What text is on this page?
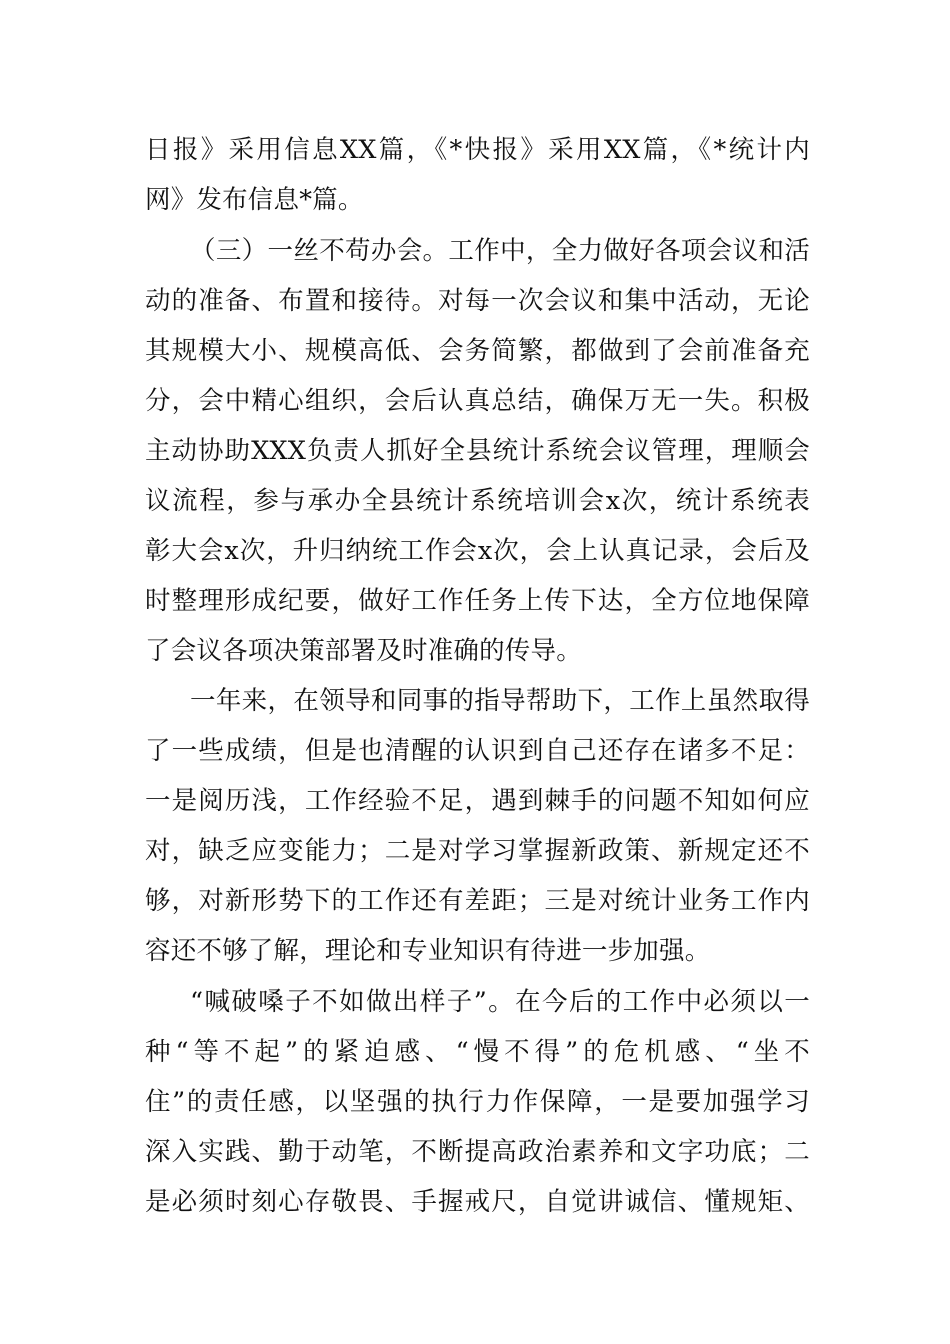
日报》采用信息XX篇，《*快报》采用XX篇，《*统计内
网》发布信息*篇。
（三）一丝不苟办会。工作中，全力做好各项会议和活
动的准备、布置和接待。对每一次会议和集中活动，无论
其规模大小、规模高低、会务简繁，都做到了会前准备充
分，会中精心组织，会后认真总结，确保万无一失。积极
主动协助XXX负责人抓好全县统计系统会议管理，理顺会
议流程，参与承办全县统计系统培训会x次，统计系统表
彰大会x次，升归纳统工作会x次，会上认真记录，会后及
时整理形成纪要，做好工作任务上传下达，全方位地保障
了会议各项决策部署及时准确的传导。
一年来，在领导和同事的指导帮助下，工作上虽然取得
了一些成绩，但是也清醒的认识到自己还存在诸多不足：
一是阅历浅，工作经验不足，遇到棘手的问题不知如何应
对，缺乏应变能力；二是对学习掌握新政策、新规定还不
够，对新形势下的工作还有差距；三是对统计业务工作内
容还不够了解，理论和专业知识有待进一步加强。
“喊破嗓子不如做出样子”。在今后的工作中必须以一
种“等不起”的紧迫感、“慢不得”的危机感、“坐不
住”的责任感，以坚强的执行力作保障，一是要加强学习
深入实践、勤于动笔，不断提高政治素养和文字功底；二
是必须时刻心存敬畏、手握戒尺，自觉讲诚信、懂规矩、
